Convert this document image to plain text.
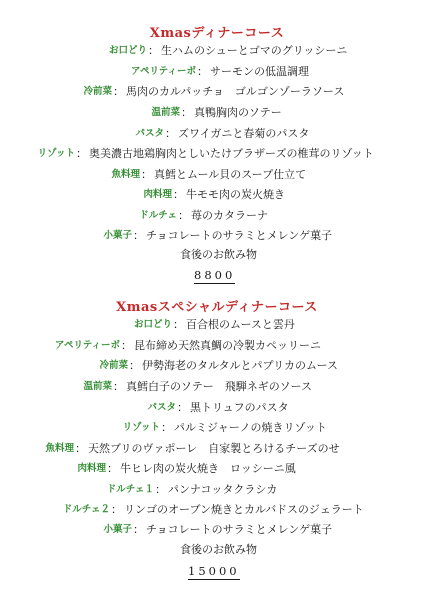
Xmasディナーコース
お口どり ： 生ハムのシューとゴマのグリッシーニ
アペリティーボ ： サーモンの低温調理
冷前菜 ： 馬肉のカルパッチョ　ゴルゴンゾーラソース
温前菜 ： 真鴨胸肉のソテー
パスタ ： ズワイガニと春菊のパスタ
リゾット ： 奥美濃古地鶏胸肉としいたけブラザーズの椎茸のリゾット
魚料理 ： 真鱈とムール貝のスープ仕立て
肉料理 ： 牛モモ肉の炭火焼き
ドルチェ ： 苺のカタラーナ
小菓子 ： チョコレートのサラミとメレンゲ菓子
食後のお飲み物
8800
Xmasスペシャルディナーコース
お口どり ： 百合根のムースと雲丹
アペリティーボ ： 昆布締め天然真鯛の冷製カペッリーニ
冷前菜 ： 伊勢海老のタルタルとパプリカのムース
温前菜 ： 真鱈白子のソテー　飛騨ネギのソース
パスタ ： 黒トリュフのパスタ
リゾット ： パルミジャーノの焼きリゾット
魚料理 ： 天然ブリのヴァポーレ　自家製とろけるチーズのせ
肉料理 ： 牛ヒレ肉の炭火焼き　ロッシーニ風
ドルチェ１ ： パンナコッタクラシカ
ドルチェ２ ： リンゴのオーブン焼きとカルバドスのジェラート
小菓子 ： チョコレートのサラミとメレンゲ菓子
食後のお飲み物
15000
